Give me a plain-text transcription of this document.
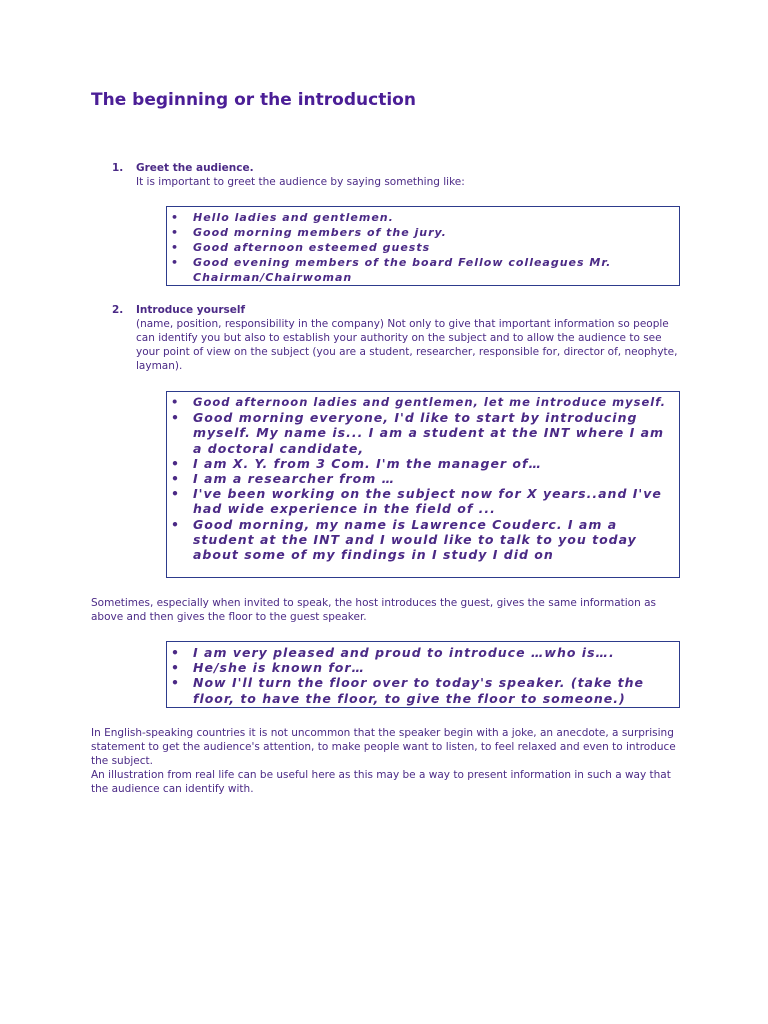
The beginning or the introduction
1. Greet the audience.
It is important to greet the audience by saying something like:
• Hello ladies and gentlemen.
• Good morning members of the jury.
• Good afternoon esteemed guests
• Good evening members of the board Fellow colleagues Mr. Chairman/Chairwoman
2. Introduce yourself
(name, position, responsibility in the company) Not only to give that important information so people can identify you but also to establish your authority on the subject and to allow the audience to see your point of view on the subject (you are a student, researcher, responsible for, director of, neophyte, layman).
• Good afternoon ladies and gentlemen, let me introduce myself.
• Good morning everyone, I'd like to start by introducing myself. My name is... I am a student at the INT where I am a doctoral candidate,
• I am X. Y. from 3 Com. I'm the manager of…
• I am a researcher from …
• I've been working on the subject now for X years..and I've had wide experience in the field of ...
• Good morning, my name is Lawrence Couderc. I am a student at the INT and I would like to talk to you today about some of my findings in I study I did on
Sometimes, especially when invited to speak, the host introduces the guest, gives the same information as above and then gives the floor to the guest speaker.
• I am very pleased and proud to introduce …who is….
• He/she is known for…
• Now I'll turn the floor over to today's speaker. (take the floor, to have the floor, to give the floor to someone.)
In English-speaking countries it is not uncommon that the speaker begin with a joke, an anecdote, a surprising statement to get the audience's attention, to make people want to listen, to feel relaxed and even to introduce the subject.
An illustration from real life can be useful here as this may be a way to present information in such a way that the audience can identify with.
